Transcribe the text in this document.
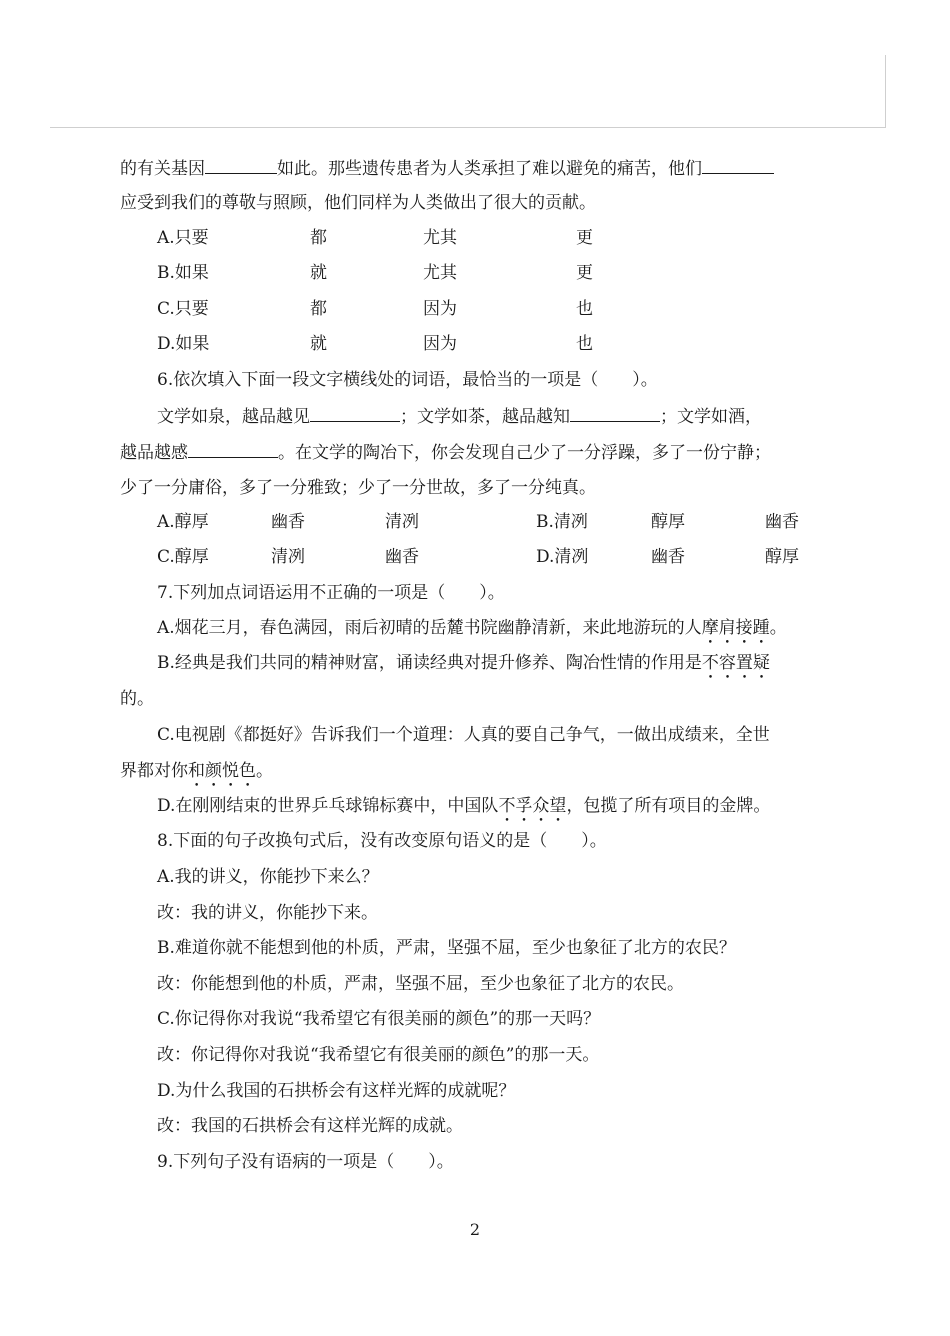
的有关基因	如此。那些遗传患者为人类承担了难以避免的痛苦，他们
应受到我们的尊敬与照顾，他们同样为人类做出了很大的贡献。
A.只要	都	尤其	更
B.如果	就	尤其	更
C.只要	都	因为	也
D.如果	就	因为	也
6.依次填入下面一段文字横线处的词语，最恰当的一项是（　　）。
文学如泉，越品越见	；文学如茶，越品越知	；文学如酒，
越品越感	。在文学的陶冶下，你会发现自己少了一分浮躁，多了一份宁静；
少了一分庸俗，多了一分雅致；少了一分世故，多了一分纯真。
A.醇厚	幽香	清冽	B.清冽	醇厚	幽香
C.醇厚	清冽	幽香	D.清冽	幽香	醇厚
7.下列加点词语运用不正确的一项是（　　）。
A.烟花三月，春色满园，雨后初晴的岳麓书院幽静清新，来此地游玩的人摩肩接踵。
B.经典是我们共同的精神财富，诵读经典对提升修养、陶冶性情的作用是不容置疑
的。
C.电视剧《都挺好》告诉我们一个道理：人真的要自己争气，一做出成绩来，全世
界都对你和颜悦色。
D.在刚刚结束的世界乒乓球锦标赛中，中国队不孚众望，包揽了所有项目的金牌。
8.下面的句子改换句式后，没有改变原句语义的是（　　）。
A.我的讲义，你能抄下来么？
改：我的讲义，你能抄下来。
B.难道你就不能想到他的朴质，严肃，坚强不屈，至少也象征了北方的农民？
改：你能想到他的朴质，严肃，坚强不屈，至少也象征了北方的农民。
C.你记得你对我说“我希望它有很美丽的颜色”的那一天吗？
改：你记得你对我说“我希望它有很美丽的颜色”的那一天。
D.为什么我国的石拱桥会有这样光辉的成就呢？
改：我国的石拱桥会有这样光辉的成就。
9.下列句子没有语病的一项是（　　）。
2
